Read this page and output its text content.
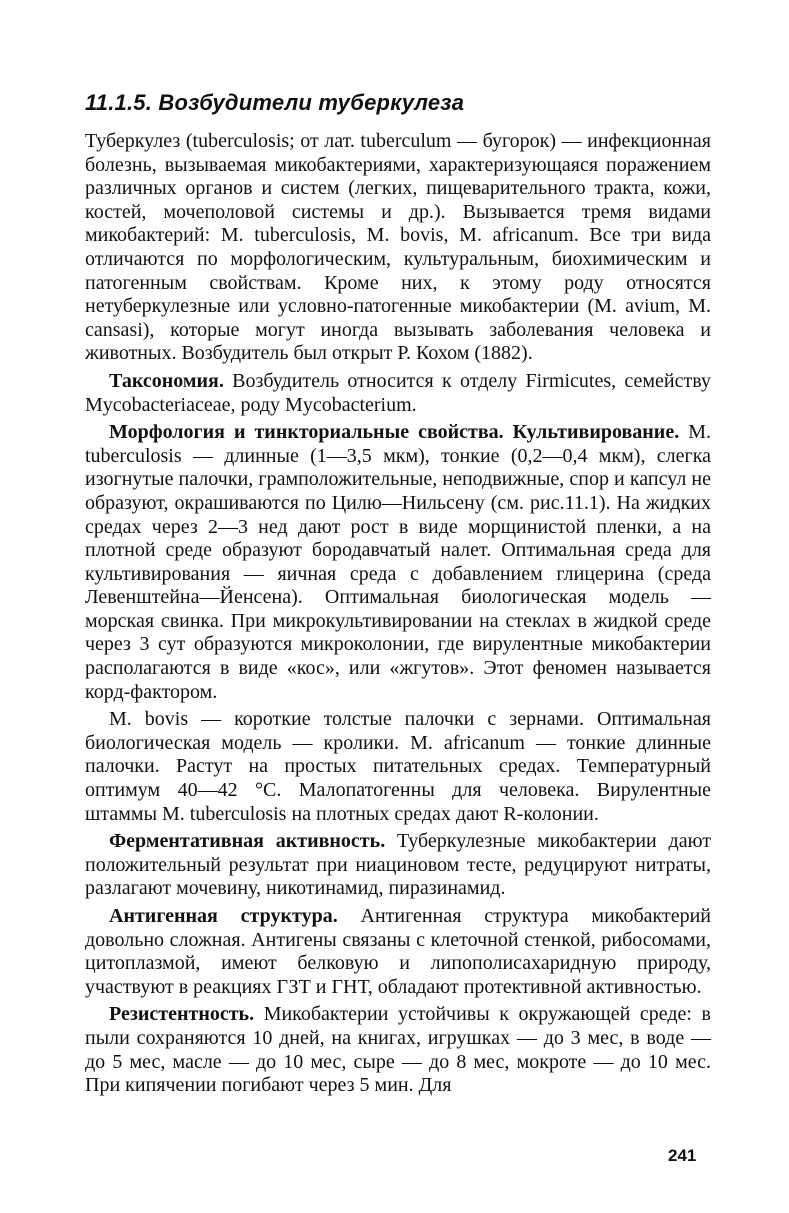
11.1.5. Возбудители туберкулеза

Туберкулез (tuberculosis; от лат. tuberculum — бугорок) — инфекционная болезнь, вызываемая микобактериями, характеризующаяся поражением различных органов и систем (легких, пищеварительного тракта, кожи, костей, мочеполовой системы и др.). Вызывается тремя видами микобактерий: M. tuberculosis, M. bovis, M. africanum. Все три вида отличаются по морфологическим, культуральным, биохимическим и патогенным свойствам. Кроме них, к этому роду относятся нетуберкулезные или условно-патогенные микобактерии (M. avium, M. cansasi), которые могут иногда вызывать заболевания человека и животных. Возбудитель был открыт Р. Кохом (1882).

Таксономия. Возбудитель относится к отделу Firmicutes, семейству Mycobacteriaceae, роду Mycobacterium.

Морфология и тинкториальные свойства. Культивирование. M. tuberculosis — длинные (1—3,5 мкм), тонкие (0,2—0,4 мкм), слегка изогнутые палочки, грамположительные, неподвижные, спор и капсул не образуют, окрашиваются по Цилю—Нильсену (см. рис.11.1). На жидких средах через 2—3 нед дают рост в виде морщинистой пленки, а на плотной среде образуют бородавчатый налет. Оптимальная среда для культивирования — яичная среда с добавлением глицерина (среда Левенштейна—Йенсена). Оптимальная биологическая модель — морская свинка. При микрокультивировании на стеклах в жидкой среде через 3 сут образуются микроколонии, где вирулентные микобактерии располагаются в виде «кос», или «жгутов». Этот феномен называется корд-фактором.

M. bovis — короткие толстые палочки с зернами. Оптимальная биологическая модель — кролики. M. africanum — тонкие длинные палочки. Растут на простых питательных средах. Температурный оптимум 40—42 °С. Малопатогенны для человека. Вирулентные штаммы M. tuberculosis на плотных средах дают R-колонии.

Ферментативная активность. Туберкулезные микобактерии дают положительный результат при ниациновом тесте, редуцируют нитраты, разлагают мочевину, никотинамид, пиразинамид.

Антигенная структура. Антигенная структура микобактерий довольно сложная. Антигены связаны с клеточной стенкой, рибосомами, цитоплазмой, имеют белковую и липополисахаридную природу, участвуют в реакциях ГЗТ и ГНТ, обладают протективной активностью.

Резистентность. Микобактерии устойчивы к окружающей среде: в пыли сохраняются 10 дней, на книгах, игрушках — до 3 мес, в воде — до 5 мес, масле — до 10 мес, сыре — до 8 мес, мокроте — до 10 мес. При кипячении погибают через 5 мин. Для

241
